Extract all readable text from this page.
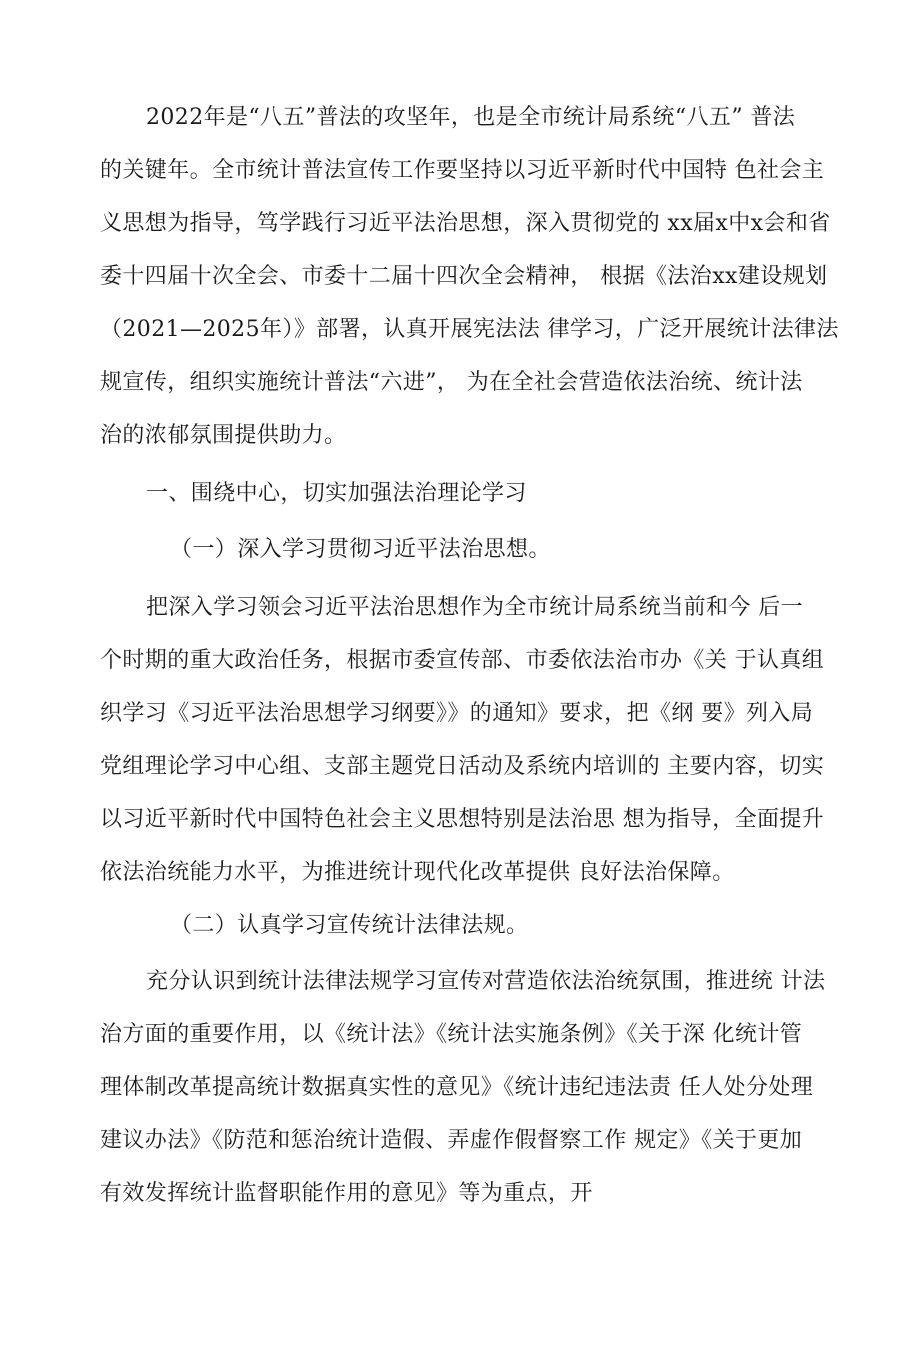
2022年是“八五”普法的攻坚年，也是全市统计局系统“八五” 普法

的关键年。全市统计普法宣传工作要坚持以习近平新时代中国特 色社会主

义思想为指导，笃学践行习近平法治思想，深入贯彻党的 xx届x中x会和省

委十四届十次全会、市委十二届十四次全会精神， 根据《法治xx建设规划

（2021—2025年）》部署，认真开展宪法法 律学习，广泛开展统计法律法

规宣传，组织实施统计普法“六进”， 为在全社会营造依法治统、统计法

治的浓郁氛围提供助力。

一、围绕中心，切实加强法治理论学习

（一）深入学习贯彻习近平法治思想。

把深入学习领会习近平法治思想作为全市统计局系统当前和今 后一

个时期的重大政治任务，根据市委宣传部、市委依法治市办《关 于认真组

织学习《习近平法治思想学习纲要》》的通知》要求，把《纲 要》列入局

党组理论学习中心组、支部主题党日活动及系统内培训的 主要内容，切实

以习近平新时代中国特色社会主义思想特别是法治思 想为指导，全面提升

依法治统能力水平，为推进统计现代化改革提供 良好法治保障。

（二）认真学习宣传统计法律法规。

充分认识到统计法律法规学习宣传对营造依法治统氛围，推进统 计法

治方面的重要作用，以《统计法》《统计法实施条例》《关于深 化统计管

理体制改革提高统计数据真实性的意见》《统计违纪违法责 任人处分处理

建议办法》《防范和惩治统计造假、弄虚作假督察工作 规定》《关于更加

有效发挥统计监督职能作用的意见》等为重点，开
